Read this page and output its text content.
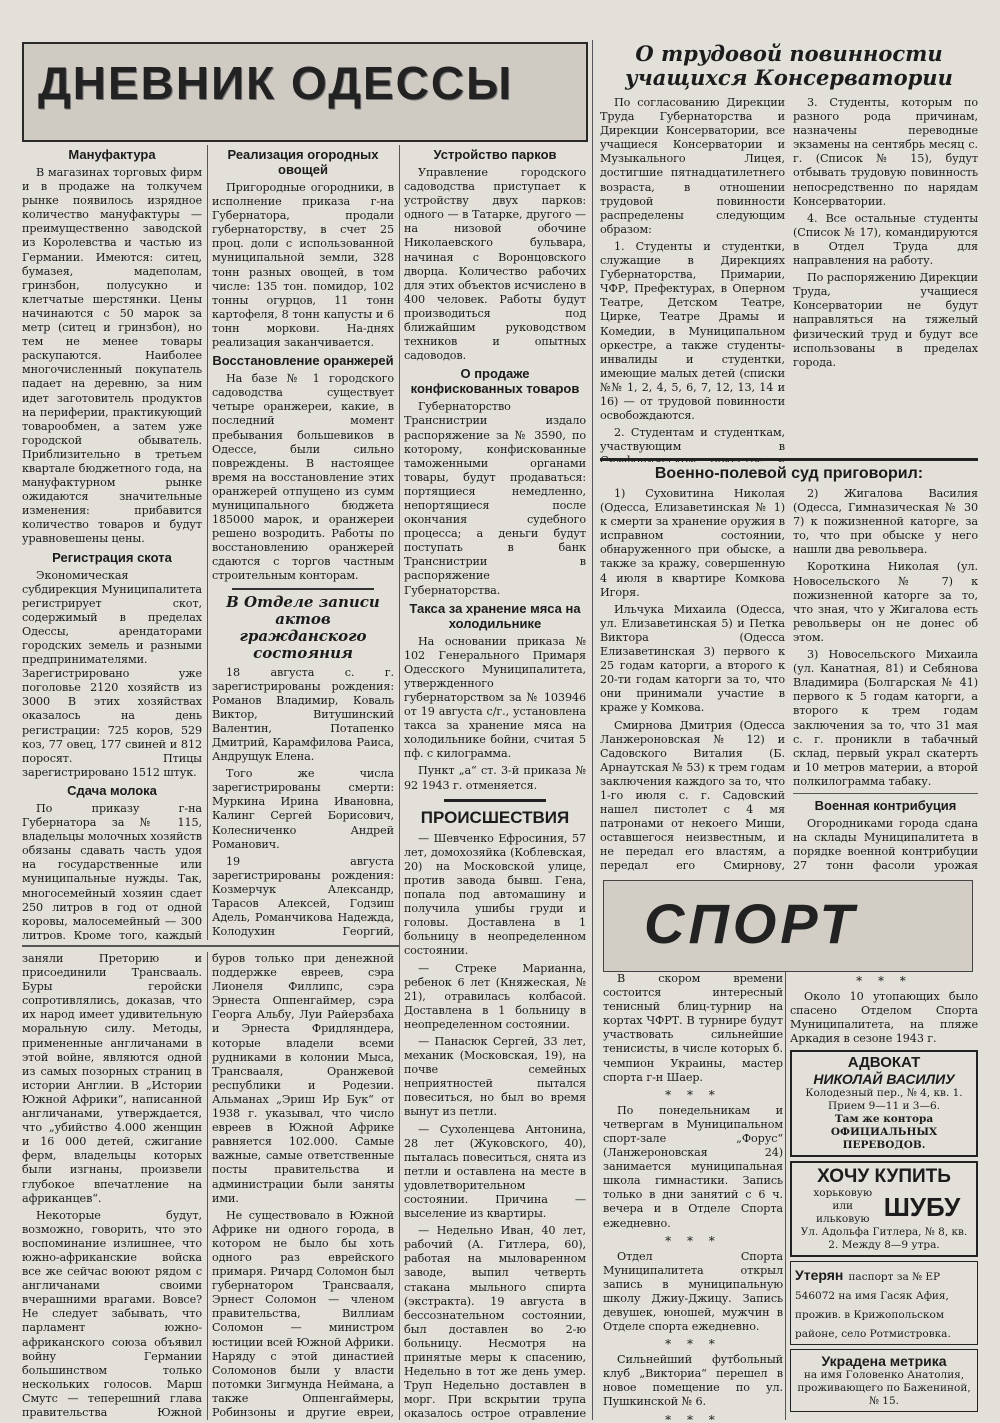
ДНЕВНИК ОДЕССЫ

О трудовой повинности учащихся Консерватории

По согласованию Дирекции Труда Губернаторства и Дирекции Консерватории, все учащиеся Консерватории и Музыкального Лицея, достигшие пятнадцатилетнего возраста, в отношении трудовой повинности распределены следующим образом:

1. Студенты и студентки, служащие в Дирекциях Губернаторства, Примарии, ЧФР, Префектурах, в Оперном Театре, Детском Театре, Цирке, Театре Драмы и Комедии, в Муниципальном оркестре, а также студенты-инвалиды и студентки, имеющие малых детей (списки №№ 1, 2, 4, 5, 6, 7, 12, 13, 14 и 16) — от трудовой повинности освобождаются.

2. Студентам и студенткам, участвующим в

3. Студенты, которым по разного рода причинам, назначены переводные экзамены на сентябрь месяц с. г. (Список № 15), будут отбывать трудовую повинность непосредственно по нарядам Консерватории.

4. Все остальные студенты (Список № 17), командируются в Отдел Труда для направления на работу.

По распоряжению Дирекции Труда, учащиеся Консерватории не будут направляться на тяжелый физический труд и будут все использованы в пределах города.

Военно-полевой суд приговорил:

1) Суховитина Николая (Одесса, Елизаветинская № 1) к смерти за хранение оружия в исправном состоянии, обнаруженного при обыске, а также за кражу, совершенную 4 июля в квартире Комкова Игоря.

Ильчука Михаила (Одесса, ул. Елизаветинская 5) и Петка Виктора (Одесса Елизаветинская 3) первого к 25 годам каторги, а второго к 20-ти годам каторги за то, что они принимали участие в краже у Комкова.

Смирнова Дмитрия (Одесса Ланжероновская № 12) и Садовского Виталия (Б. Арнаутская № 53) к трем годам заключения каждого за то, что 1-го июля с. г. Садовский нашел пистолет с 4 мя патронами от некоего Миши, оставшегося неизвестным, и не передал его властям, а передал его Смирнову,

2) Жигалова Василия (Одесса, Гимназическая № 30 7) к пожизненной каторге, за то, что при обыске у него нашли два револьвера.

Короткина Николая (ул. Новосельского № 7) к пожизненной каторге за то, что зная, что у Жигалова есть револьверы он не донес об этом.

3) Новосельского Михаила (ул. Канатная, 81) и Себянова Владимира (Болгарская № 41) первого к 5 годам каторги, а второго к трем годам заключения за то, что 31 мая с. г. проникли в табачный склад, первый украл скатерть и 10 метров материи, а второй полкилограмма табаку.

Военная контрибуция

Огородниками города сдана на склады Муниципалитета в порядке военной контрибуции 27 тонн фасоли урожая

СПОРТ

В скором времени состоится интересный тенисный блиц-турнир на кортах ЧФРТ. В турнире будут участвовать сильнейшие тенисисты, в числе которых б. чемпион Украины, мастер спорта г-н Шаер.

* * *

По понедельникам и четвергам в Муниципальном спорт-зале „Форус“ (Ланжероновская 24) занимается муниципальная школа гимнастики. Запись только в дни занятий с 6 ч. вечера и в Отделе Спорта ежедневно.

* * *

Отдел Спорта Муниципалитета открыл запись в муниципальную школу Джиу-Джицу. Запись девушек, юношей, мужчин в Отделе спорта ежедневно.

* * *

Сильнейший футбольный клуб „Викториа“ перешел в новое помещение по ул. Пушкинской № 6.

* * *

* * *

Около 10 утопающих было спасено Отделом Спорта Муниципалитета, на пляже Аркадия в сезоне 1943 г.

АДВОКАТ
НИКОЛАЙ ВАСИЛИУ
Колодезный пер., № 4, кв. 1. Прием 9—11 и 3—6.
Там же контора ОФИЦИАЛЬНЫХ ПЕРЕВОДОВ.
ХОЧУ КУПИТЬ
хорьковую или ильковую ШУБУ
Ул. Адольфа Гитлера, № 8, кв. 2. Между 8—9 утра.
Утерян паспорт за № ЕР 546072 на имя Гасяк Афия, прожив. в Крижопольском районе, село Ротмистровка.
Украдена метрика
на имя Головенко Анатолия, проживающего по Бажениной, № 15.

Мануфактура

В магазинах торговых фирм и в продаже на толкучем рынке появилось изрядное количество мануфактуры — преимущественно заводской из Королевства и частью из Германии. Имеются: ситец, бумазея, мадеполам, гринзбон, полусукно и клетчатые шерстянки. Цены начинаются с 50 марок за метр (ситец и гринзбон), но тем не менее товары раскупаются. Наиболее многочисленный покупатель падает на деревню, за ним идет заготовитель продуктов на периферии, практикующий товарообмен, а затем уже городской обыватель. Приблизительно в третьем квартале бюджетного года, на мануфактурном рынке ожидаются значительные изменения: прибавится количество товаров и будут уравновешены цены.

Регистрация скота

Экономическая субдирекция Муниципалитета регистрирует скот, содержимый в пределах Одессы, арендаторами городских земель и разными предпринимателями. Зарегистрировано уже поголовье 2120 хозяйств из 3000 В этих хозяйствах оказалось на день регистрации: 725 коров, 529 коз, 77 овец, 177 свиней и 812 поросят. Птицы зарегистрировано 1512 штук.

Сдача молока

По приказу г-на Губернатора за № 115, владельцы молочных хозяйств обязаны сдавать часть удоя на государственные или муниципальные нужды. Так, многосемейный хозяин сдает 250 литров в год от одной коровы, малосемейный — 300 литров. Кроме того, каждый

Реализация огородных овощей

Пригородные огородники, в исполнение приказа г-на Губернатора, продали губернаторству, в счет 25 проц. доли с использованной муниципальной земли, 328 тонн разных овощей, в том числе: 135 тон. помидор, 102 тонны огурцов, 11 тонн картофеля, 8 тонн капусты и 6 тонн моркови. На-днях реализация заканчивается.

Восстановление оранжерей

На базе № 1 городского садоводства существует четыре оранжереи, какие, в последний момент пребывания большевиков в Одессе, были сильно повреждены. В настоящее время на восстановление этих оранжерей отпущено из сумм муниципального бюджета 185000 марок, и оранжереи решено возродить. Работы по восстановлению оранжерей сдаются с торгов частным строительным конторам.

В Отделе записи актов гражданского состояния

18 августа с. г. зарегистрированы рождения: Романов Владимир, Коваль Виктор, Витушинский Валентин, Потапенко Дмитрий, Карамфилова Раиса, Андрущук Елена.

Того же числа зарегистрированы смерти: Муркина Ирина Ивановна, Калинг Сергей Борисович, Колесниченко Андрей Романович.

19 августа зарегистрированы рождения: Козмерчук Александр, Тарасов Алексей, Годзиш Адель, Романчикова Надежда, Колодухин Георгий,

Устройство парков

Управление городского садоводства приступает к устройству двух парков: одного — в Татарке, другого — на низовой обочине Николаевского бульвара, начиная с Воронцовского дворца. Количество рабочих для этих объектов исчислено в 400 человек. Работы будут производиться под ближайшим руководством техников и опытных садоводов.

О продаже конфискованных товаров

Губернаторство Транснистрии издало распоряжение за № 3590, по которому, конфискованные таможенными органами товары, будут продаваться: портящиеся немедленно, непортящиеся после окончания судебного процесса; а деньги будут поступать в банк Транснистрии в распоряжение Губернаторства.

Такса за хранение мяса на холодильнике

На основании приказа № 102 Генерального Примаря Одесского Муниципалитета, утвержденного губернаторством за № 103946 от 19 августа с/г., установлена такса за хранение мяса на холодильнике бойни, считая 5 пф. с килограмма.

Пункт „а“ ст. 3-й приказа № 92 1943 г. отменяется.

ПРОИСШЕСТВИЯ

— Шевченко Ефросиния, 57 лет, домохозяйка (Коблевская, 20) на Московской улице, против завода бывш. Гена, попала под автомашину и получила ушибы груди и головы. Доставлена в 1 больницу в неопределенном состоянии.

— Стреке Марианна, ребенок 6 лет (Княжеская, № 21), отравилась колбасой. Доставлена в 1 больницу в неопределенном состоянии.

— Панасюк Сергей, 33 лет, механик (Московская, 19), на почве семейных неприятностей пытался повеситься, но был во время вынут из петли.

— Сухоленцева Антонина, 28 лет (Жуковского, 40), пыталась повеситься, снята из петли и оставлена на месте в удовлетворительном состоянии. Причина — выселение из квартиры.

— Недельно Иван, 40 лет, рабочий (А. Гитлера, 60), работая на мыловаренном заводе, выпил четверть стакана мыльного спирта (экстракта). 19 августа в бессознательном состоянии, был доставлен во 2-ю больницу. Несмотря на принятые меры к спасению, Недельно в тот же день умер. Труп Недельно доставлен в морг. При вскрытии трупа оказалось острое отравление

заняли Преторию и присоединили Трансвааль. Буры геройски сопротивлялись, доказав, что их народ имеет удивительную моральную силу. Методы, примененные англичанами в этой войне, являются одной из самых позорных страниц в истории Англии. В „Истории Южной Африки“, написанной англичанами, утверждается, что „убийство 4.000 женщин и 16 000 детей, сжигание ферм, владельцы которых были изгнаны, произвели глубокое впечатление на африканцев“.

Некоторые будут, возможно, говорить, что это воспоминание излишнее, что южно-африканские войска все же сейчас воюют рядом с англичанами своими вчерашними врагами. Вовсе? Не следует забывать, что парламент южно-африканского союза объявил войну Германии большинством только нескольких голосов. Марш Смутс — теперешний глава правительства Южной

буров только при денежной поддержке евреев, сэра Лионеля Филлипс, сэра Эрнеста Оппенгаймер, сэра Георга Альбу, Луи Райерзбаха и Эрнеста Фридляндера, которые владели всеми рудниками в колонии Мыса, Трансвааля, Оранжевой республики и Родезии. Альманах „Эриш Ир Бук“ от 1938 г. указывал, что число евреев в Южной Африке равняется 102.000. Самые важные, самые ответственные посты правительства и администрации были заняты ими.

Не существовало в Южной Африке ни одного города, в котором не было бы хоть одного раз еврейского примаря. Ричард Соломон был губернатором Трансвааля, Эрнест Соломон — членом правительства, Виллиам Соломон — министром юстиции всей Южной Африки. Наряду с этой династией Соломонов были у власти потомки Зигмунда Неймана, а также Оппенгаймеры, Робинзоны и другие евреи,
